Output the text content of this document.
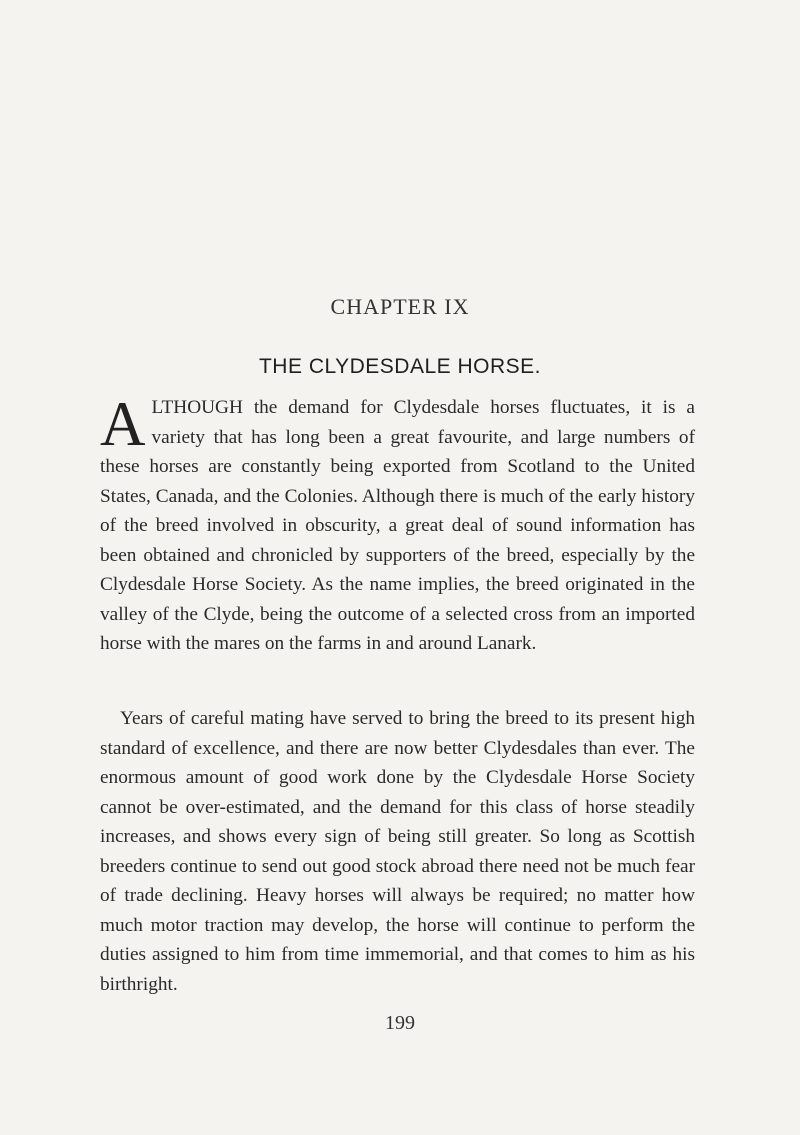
CHAPTER IX
THE CLYDESDALE HORSE.

ALTHOUGH the demand for Clydesdale horses fluctuates, it is a variety that has long been a great favourite, and large numbers of these horses are constantly being exported from Scotland to the United States, Canada, and the Colonies. Although there is much of the early history of the breed involved in obscurity, a great deal of sound information has been obtained and chronicled by supporters of the breed, especially by the Clydesdale Horse Society. As the name implies, the breed originated in the valley of the Clyde, being the outcome of a selected cross from an imported horse with the mares on the farms in and around Lanark.

Years of careful mating have served to bring the breed to its present high standard of excellence, and there are now better Clydesdales than ever. The enormous amount of good work done by the Clydesdale Horse Society cannot be over-estimated, and the demand for this class of horse steadily increases, and shows every sign of being still greater. So long as Scottish breeders continue to send out good stock abroad there need not be much fear of trade declining. Heavy horses will always be required; no matter how much motor traction may develop, the horse will continue to perform the duties assigned to him from time immemorial, and that comes to him as his birthright.

199
